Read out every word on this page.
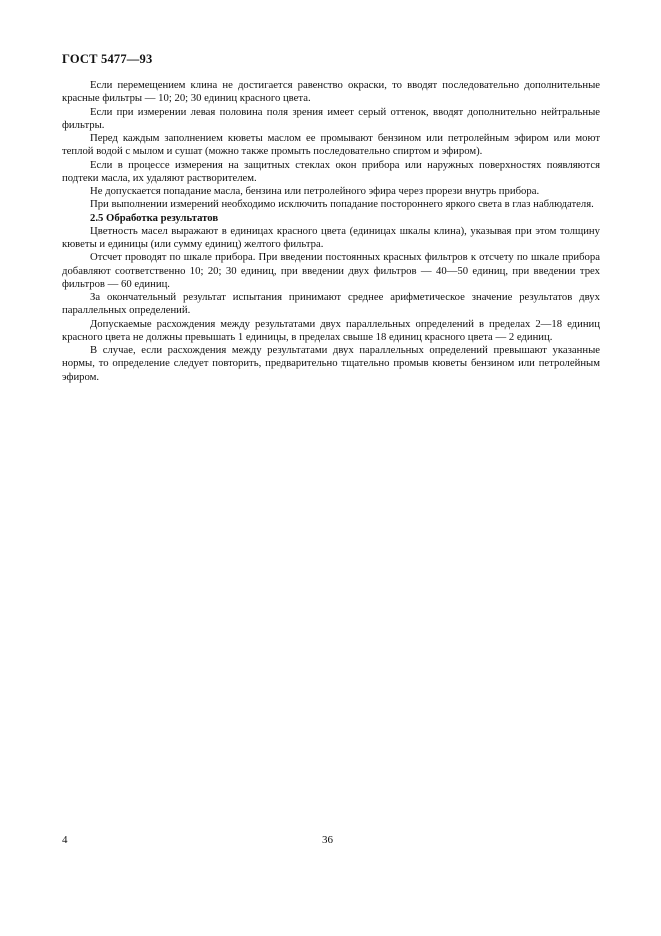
ГОСТ 5477—93

Если перемещением клина не достигается равенство окраски, то вводят последовательно дополнительные красные фильтры — 10; 20; 30 единиц красного цвета.

Если при измерении левая половина поля зрения имеет серый оттенок, вводят дополнительно нейтральные фильтры.

Перед каждым заполнением кюветы маслом ее промывают бензином или петролейным эфиром или моют теплой водой с мылом и сушат (можно также промыть последовательно спиртом и эфиром).

Если в процессе измерения на защитных стеклах окон прибора или наружных поверхностях появляются подтеки масла, их удаляют растворителем.

Не допускается попадание масла, бензина или петролейного эфира через прорези внутрь прибора.

При выполнении измерений необходимо исключить попадание постороннего яркого света в глаз наблюдателя.

2.5 Обработка результатов

Цветность масел выражают в единицах красного цвета (единицах шкалы клина), указывая при этом толщину кюветы и единицы (или сумму единиц) желтого фильтра.

Отсчет проводят по шкале прибора. При введении постоянных красных фильтров к отсчету по шкале прибора добавляют соответственно 10; 20; 30 единиц, при введении двух фильтров — 40—50 единиц, при введении трех фильтров — 60 единиц.

За окончательный результат испытания принимают среднее арифметическое значение результатов двух параллельных определений.

Допускаемые расхождения между результатами двух параллельных определений в пределах 2—18 единиц красного цвета не должны превышать 1 единицы, в пределах свыше 18 единиц красного цвета — 2 единиц.

В случае, если расхождения между результатами двух параллельных определений превышают указанные нормы, то определение следует повторить, предварительно тщательно промыв кюветы бензином или петролейным эфиром.

4	36
